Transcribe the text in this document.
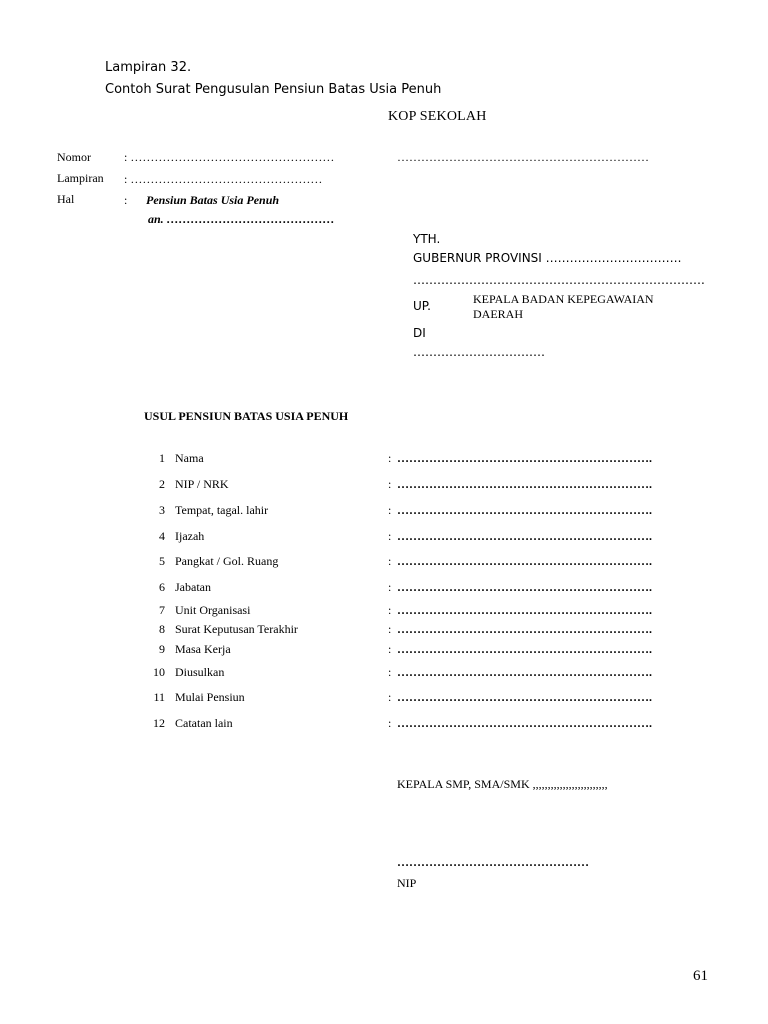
Lampiran 32.
Contoh Surat Pengusulan Pensiun Batas Usia Penuh
KOP SEKOLAH
Nomor	: ……………………………………………
Lampiran : …………………………………………
Hal	: Pensiun Batas Usia Penuh
an. ……………………………………
………………………………………………………
YTH.
GUBERNUR PROVINSI …………………………….
……………………………………………………………….
UP.	KEPALA BADAN KEPEGAWAIAN DAERAH
DI
……………………………
USUL PENSIUN BATAS USIA PENUH
1 Nama	: ……………………………………………………….
2 NIP / NRK	: ……………………………………………………….
3 Tempat, tagal. lahir	: ……………………………………………………….
4 Ijazah	: ……………………………………………………….
5 Pangkat / Gol. Ruang	: ……………………………………………………….
6 Jabatan	: ……………………………………………………….
7 Unit Organisasi	: ……………………………………………………….
8 Surat Keputusan Terakhir	: ……………………………………………………….
9 Masa Kerja	: ……………………………………………………….
10 Diusulkan	: ……………………………………………………….
11 Mulai Pensiun	: ……………………………………………………….
12 Catatan lain	: ……………………………………………………….
KEPALA SMP, SMA/SMK ,,,,,,,,,,,,,,,,,,,,,,,,,
…………………………………………
NIP
61
